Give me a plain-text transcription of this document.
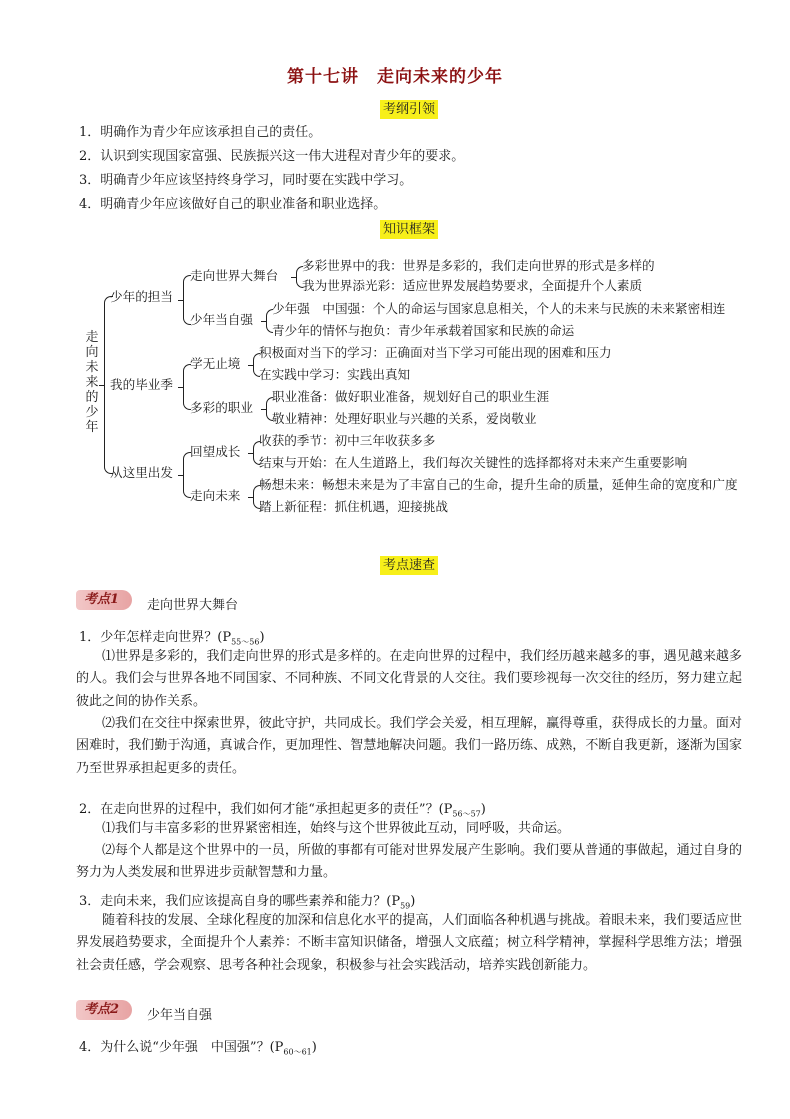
第十七讲　走向未来的少年
考纲引领
1．明确作为青少年应该承担自己的责任。
2．认识到实现国家富强、民族振兴这一伟大进程对青少年的要求。
3．明确青少年应该坚持终身学习，同时要在实践中学习。
4．明确青少年应该做好自己的职业准备和职业选择。
知识框架
走向未来的少年
少年的担当
走向世界大舞台
多彩世界中的我：世界是多彩的，我们走向世界的形式是多样的
我为世界添光彩：适应世界发展趋势要求，全面提升个人素质
少年当自强
少年强　中国强：个人的命运与国家息息相关，个人的未来与民族的未来紧密相连
青少年的情怀与抱负：青少年承载着国家和民族的命运
我的毕业季
学无止境
积极面对当下的学习：正确面对当下学习可能出现的困难和压力
在实践中学习：实践出真知
多彩的职业
职业准备：做好职业准备，规划好自己的职业生涯
敬业精神：处理好职业与兴趣的关系，爱岗敬业
从这里出发
回望成长
收获的季节：初中三年收获多多
结束与开始：在人生道路上，我们每次关键性的选择都将对未来产生重要影响
走向未来
畅想未来：畅想未来是为了丰富自己的生命，提升生命的质量，延伸生命的宽度和广度
踏上新征程：抓住机遇，迎接挑战
考点速查
考点1	走向世界大舞台
1．少年怎样走向世界？$(P_{55\sim 56})$
⑴世界是多彩的，我们走向世界的形式是多样的。在走向世界的过程中，我们经历越来越多的事，遇见越来越多的人。我们会与世界各地不同国家、不同种族、不同文化背景的人交往。我们要珍视每一次交往的经历，努力建立起彼此之间的协作关系。
⑵我们在交往中探索世界，彼此守护，共同成长。我们学会关爱，相互理解，赢得尊重，获得成长的力量。面对困难时，我们勤于沟通，真诚合作，更加理性、智慧地解决问题。我们一路历练、成熟，不断自我更新，逐渐为国家乃至世界承担起更多的责任。
2．在走向世界的过程中，我们如何才能“承担起更多的责任”？$(P_{56\sim 57})$
⑴我们与丰富多彩的世界紧密相连，始终与这个世界彼此互动，同呼吸，共命运。
⑵每个人都是这个世界中的一员，所做的事都有可能对世界发展产生影响。我们要从普通的事做起，通过自身的努力为人类发展和世界进步贡献智慧和力量。
3．走向未来，我们应该提高自身的哪些素养和能力？$(P_{59})$
随着科技的发展、全球化程度的加深和信息化水平的提高，人们面临各种机遇与挑战。着眼未来，我们要适应世界发展趋势要求，全面提升个人素养：不断丰富知识储备，增强人文底蕴；树立科学精神，掌握科学思维方法；增强社会责任感，学会观察、思考各种社会现象，积极参与社会实践活动，培养实践创新能力。
考点2	少年当自强
4．为什么说“少年强　中国强”？$(P_{60\sim 61})$
